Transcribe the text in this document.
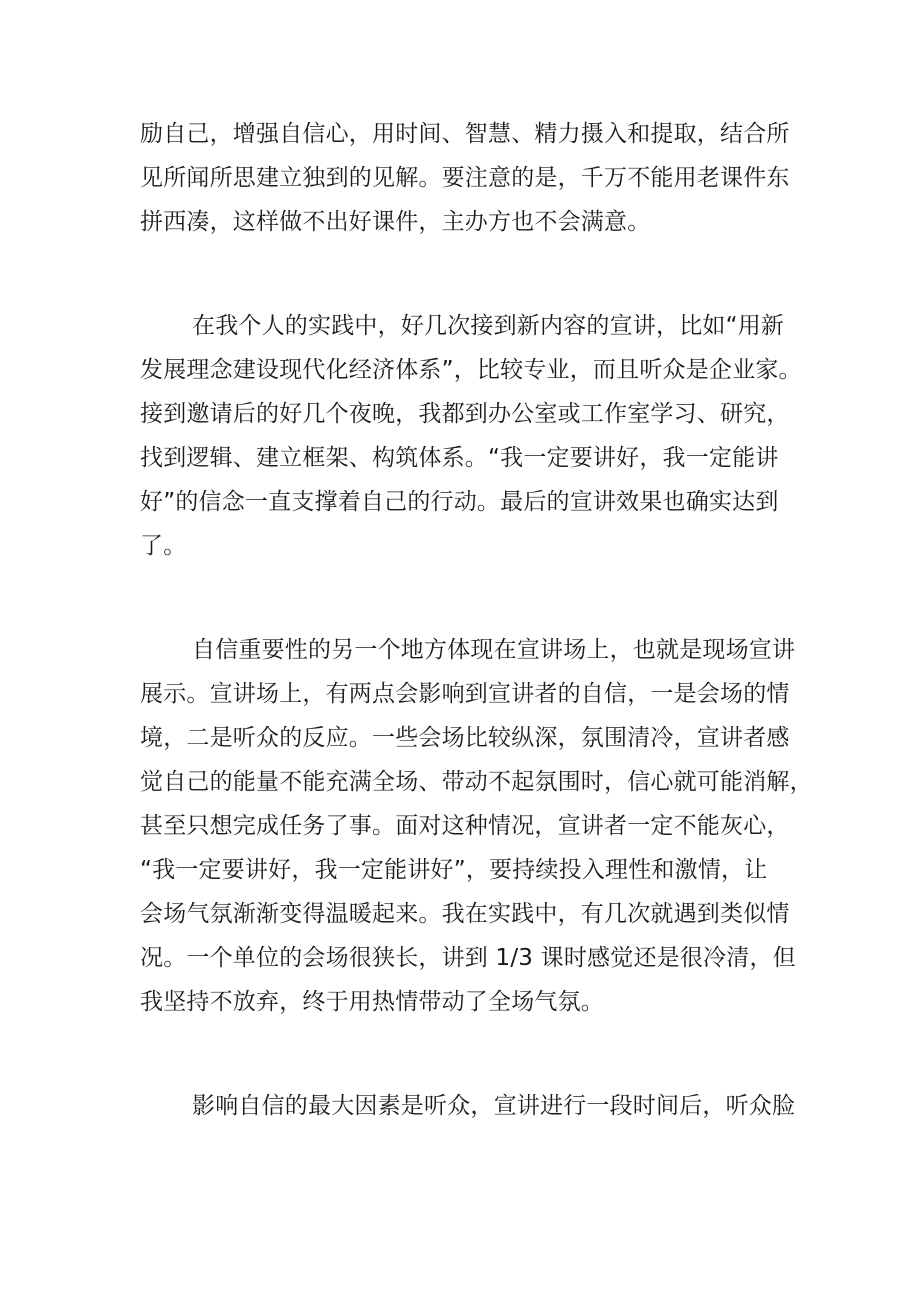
励自己，增强自信心，用时间、智慧、精力摄入和提取，结合所
见所闻所思建立独到的见解。要注意的是，千万不能用老课件东
拼西凑，这样做不出好课件，主办方也不会满意。
在我个人的实践中，好几次接到新内容的宣讲，比如“用新
发展理念建设现代化经济体系”，比较专业，而且听众是企业家。
接到邀请后的好几个夜晚，我都到办公室或工作室学习、研究，
找到逻辑、建立框架、构筑体系。“我一定要讲好，我一定能讲
好”的信念一直支撑着自己的行动。最后的宣讲效果也确实达到
了。
自信重要性的另一个地方体现在宣讲场上，也就是现场宣讲
展示。宣讲场上，有两点会影响到宣讲者的自信，一是会场的情
境，二是听众的反应。一些会场比较纵深，氛围清冷，宣讲者感
觉自己的能量不能充满全场、带动不起氛围时，信心就可能消解，
甚至只想完成任务了事。面对这种情况，宣讲者一定不能灰心，
“我一定要讲好，我一定能讲好”，要持续投入理性和激情，让
会场气氛渐渐变得温暖起来。我在实践中，有几次就遇到类似情
况。一个单位的会场很狭长，讲到 1/3 课时感觉还是很冷清，但
我坚持不放弃，终于用热情带动了全场气氛。
影响自信的最大因素是听众，宣讲进行一段时间后，听众脸
